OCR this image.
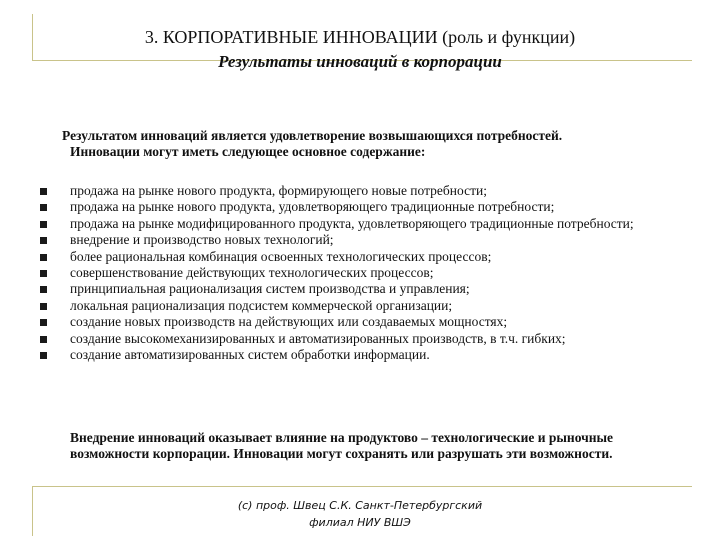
3. КОРПОРАТИВНЫЕ ИННОВАЦИИ (роль и функции)
Результаты инноваций в корпорации

Результатом инноваций является удовлетворение возвышающихся потребностей.

Инновации могут иметь следующее основное содержание:

продажа на рынке нового продукта, формирующего новые потребности;
продажа на рынке нового продукта, удовлетворяющего традиционные потребности;
продажа на рынке модифицированного продукта, удовлетворяющего традиционные потребности;
внедрение и производство новых технологий;
более рациональная комбинация освоенных технологических процессов;
совершенствование действующих технологических процессов;
принципиальная рационализация систем производства и управления;
локальная рационализация подсистем коммерческой организации;
создание новых производств на действующих или создаваемых мощностях;
создание высокомеханизированных и автоматизированных производств, в т.ч. гибких;
создание автоматизированных систем обработки информации.
Внедрение инноваций оказывает влияние на продуктово – технологические и рыночные возможности корпорации. Инновации могут сохранять или разрушать эти возможности.
(с) проф. Швец С.К. Санкт-Петербургский
филиал НИУ ВШЭ
